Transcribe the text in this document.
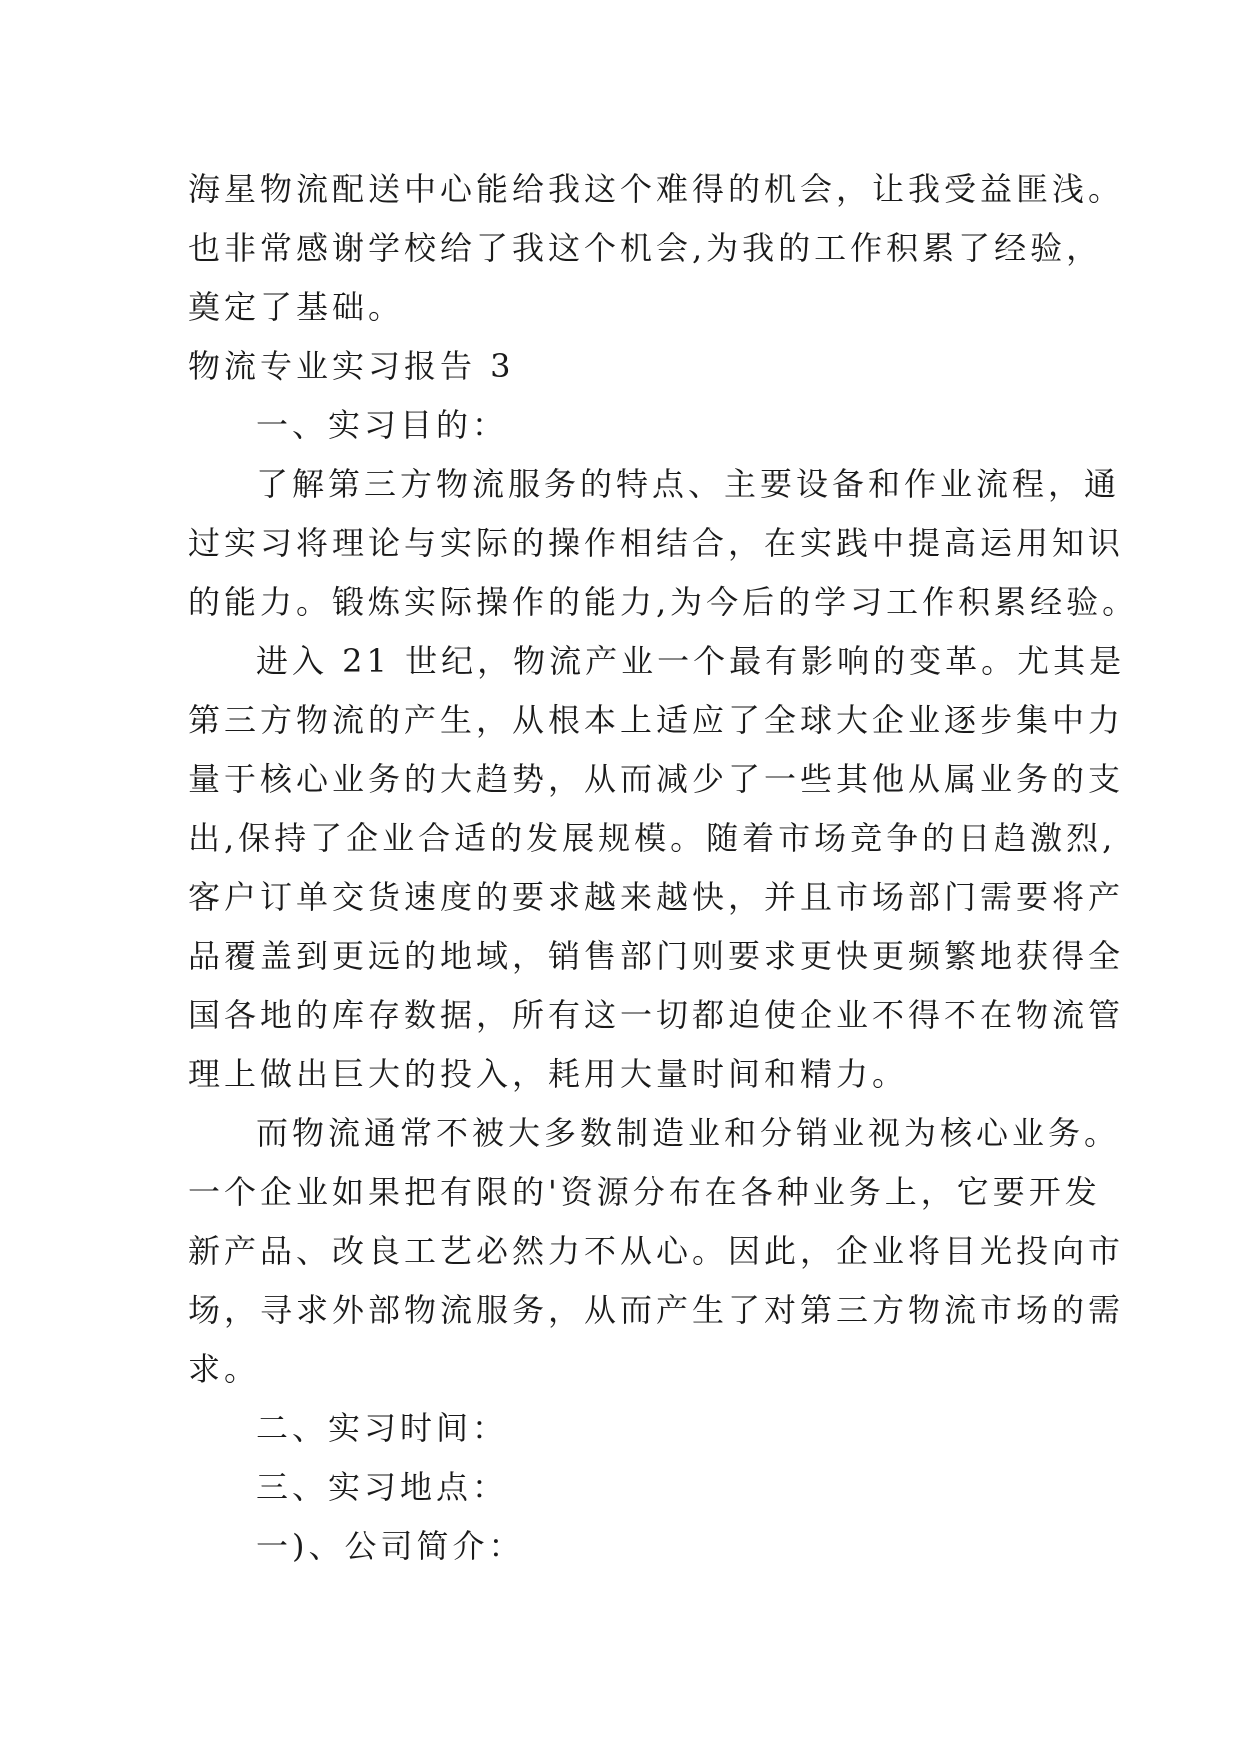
海星物流配送中心能给我这个难得的机会，让我受益匪浅。
也非常感谢学校给了我这个机会,为我的工作积累了经验，
奠定了基础。
物流专业实习报告 3
一、实习目的：
了解第三方物流服务的特点、主要设备和作业流程，通
过实习将理论与实际的操作相结合，在实践中提高运用知识
的能力。锻炼实际操作的能力,为今后的学习工作积累经验。
进入 21 世纪，物流产业一个最有影响的变革。尤其是
第三方物流的产生，从根本上适应了全球大企业逐步集中力
量于核心业务的大趋势，从而减少了一些其他从属业务的支
出,保持了企业合适的发展规模。随着市场竞争的日趋激烈,
客户订单交货速度的要求越来越快，并且市场部门需要将产
品覆盖到更远的地域，销售部门则要求更快更频繁地获得全
国各地的库存数据，所有这一切都迫使企业不得不在物流管
理上做出巨大的投入，耗用大量时间和精力。
而物流通常不被大多数制造业和分销业视为核心业务。
一个企业如果把有限的'资源分布在各种业务上，它要开发
新产品、改良工艺必然力不从心。因此，企业将目光投向市
场，寻求外部物流服务，从而产生了对第三方物流市场的需
求。
二、实习时间：
三、实习地点：
一)、公司简介：
